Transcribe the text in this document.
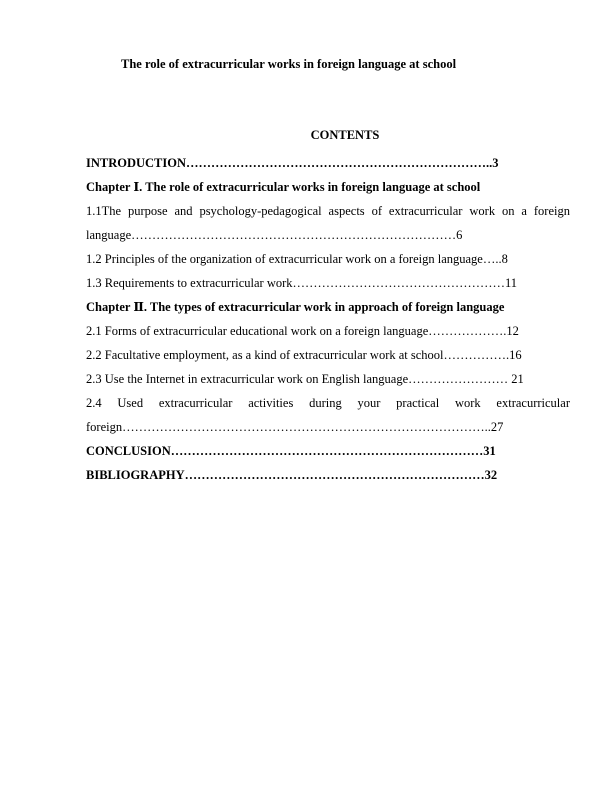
The role of extracurricular works in foreign language at school
CONTENTS
INTRODUCTION………………………………………………………………..3
Chapter Ⅰ. The role of extracurricular works in foreign language at school
1.1The purpose and psychology-pedagogical aspects of extracurricular work on a foreign language……………………………………………………………………6
1.2 Principles of the organization of extracurricular work on a foreign language…..8
1.3 Requirements to extracurricular work……………………………………………11
Chapter Ⅱ. The types of extracurricular work in approach of foreign language
2.1 Forms of extracurricular educational work on a foreign language……………….12
2.2 Facultative employment, as a kind of extracurricular work at school…………….16
2.3 Use the Internet in extracurricular work on English language…………………… 21
2.4 Used extracurricular activities during your practical work extracurricular foreign……………………………………………………………………………..27
CONCLUSION…………………………………………………………………31
BIBLIOGRAPHY………………………………………………………………32
